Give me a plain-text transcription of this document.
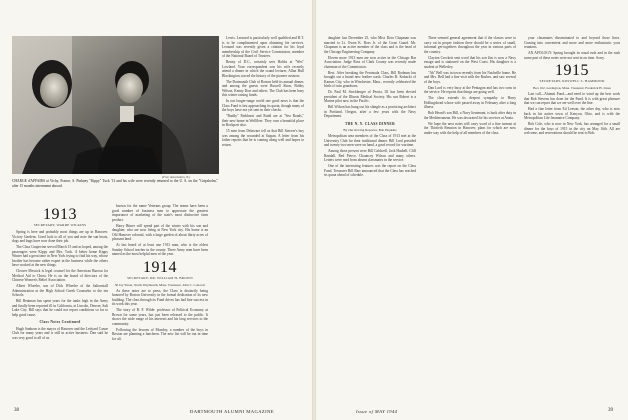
(Free Association, N.)
CHARGE d'AFFAIRS at Vichy, France, S. Pinkney "Kippy" Tuck '13 and his wife were recently returned to the U. S. on the "Gripsholm," after 15 months internment abroad.
1913
SECRETARY, WARDE WILKINS

Spring is here and probably most things are up in Hanover. Victory Gardens. Good luck to all of you and note the sun boats, dogs and bugs have now done their job.

The Class Grapevine served March 15 and as hoped, among the passengers were Kippy and Mrs. Tuck. A better home Kippy Winter had a great time in New York trying to find his way, whose brother has become rather expert in the business while the others have worked at the new things.

Cleaver Messick is legal counsel for the American Bureau for Medical Aid to China. He is on the board of directors of the Chinese Women's Relief Association.

Albert Wheeler, son of Dick Wheeler of the Saltonstall Administration at the High School Greek Counselor to the ten Schools.

Bill Beatman has spent years for the tanks high in the Army and finally been reported ill in California, at Lincoln, Denver, Salt Lake City. Bill says that he could not report conditions so far to help good cause.

Class Notes Continued

Hugh Sanborn is the mayor of Hanover and the Ledyard Canoe Club for many years and is still in active business. Dan said he was very good to all of us.

known for the name Veterans group. The teams have been a good number of business men to appreciate the greatest importance of marketing of the state's most distinctive farm product.

Harry Bitner will spend part of the winter with his son and daughter, who are now living at New York city. His home is an Old Hanover colonial, with a large garden of about thirty acres of pleasant land.

At last heard of at least one 1913 man, who is the oldest Sunday School teacher in the county. Three Army men have been named as the most helpful men of the year.

1914
SECRETARY, DR. WILLIAM H. BROWN
30 Jay Street, North Weymouth, Mass. Treasurer, John C. Conover

As these notes are to press, the Class is distinctly being honored by Boston University in the formal dedication of its new building. The class through its Fund drives has had fine success in its work this year.

The story of B. F. Wilde: professor of Political Economy at Brown for some years, has just been released to the public. It shows the wide range of his interests and his long services to the community.

Following the lessons of Monday, a number of the boys in Boston are planning a luncheon. The new list will be out in time for all.

Lewis. Leonard is particularly well qualified and B.T. is to be complimented upon obtaining his services. Leonard was recently given a citation for his loyal membership of the Civil Service Commission, member of the National Board of Trustees.

Benny of D.C., certainly sees Hobbs at "Wes" Lowland. Your correspondent saw his wife recently attend a dinner in which the sound lecturer, Allan Hull Blackington, traced the history of the pioneer aviators.

The Dartmouth Club of Boston held its annual dinner, and among the guests were Russell Shaw, Bobby Wilson, Kenny Dorr and others. The Club has been busy this winter raising funds.

In our longer-range world one good news is that the Class Fund is fast approaching its quota, though many of the boys have not yet sent in their checks.

"Buddy" Parkhurst and Rudd are at "Sea Roads," their new home in Wellfleet. They own a beautiful place in Rockport also.

15 men from Delaware tell us that Bill Steever's boy was among the wounded at Saipan. A letter from his father reports that he is coming along well and hopes to return.

38	DARTMOUTH ALUMNI MAGAZINE

daughter last December 25, who Miss Dora Chapman was married to Lt. Owen K. Ross Jr. of the Coast Guard. Mr. Chapman is an active member of the class and is the head of the Chicago Engineering Company.

Eleven more 1913 men are now active in the Chicago Bar Association. Judge Ross of Clark County was recently made chairman of the Commission.

Rest. After breaking the Peninsula Class, Bill Rodman has brought out a brand new leather wash. Charles R. Kubacki of Kansas City, who in Winchester, Mass., recently celebrated the birth of twin grandsons.

Dr. Paul M. Stockberger of Peoria, Ill. has been elected president of the Illinois Medical Society. His son Robert is a Marine pilot now in the Pacific.

Bill Wilson has hung out his shingle as a practicing architect in Portland, Oregon, after a few years with the Navy Department.

THE N. Y. CLASS DINNER
By Our Roving Reporter, Bob Hopkins

Metropolitan area members of the Class of 1913 met at the University Club for their traditional dinner. Bill Lord presided and twenty-two men were on hand, a good record for wartime.

Among those present were Bill Caldwell, Jack Haskell, Cliff Randall, Red Pierce, Chauncey Wilson and many others. Letters were read from absent classmates in the service.

One of the interesting features was the report on the Class Fund. Treasurer Bill Barr announced that the Class has reached its quota ahead of schedule.

There seemed general agreement that if the classes were to carry on in proper fashion there should be a series of small, informal get-togethers throughout the year in various parts of the country.

Clayton Crockett sent word that his son Jim is now a Navy ensign and is stationed on the West Coast. His daughter is a student at Wellesley.

"Ab" Bell was in town recently from his Nashville home. He and Mrs. Bell had a fine visit with the Rushes, and saw several of the boys.

Dan Lord is very busy at the Pentagon and has two sons in the service. He reports that things are going well.

The class extends its deepest sympathy to Harry Hollingshead whose wife passed away in February after a long illness.

Bob Heard's son Bill, a Navy lieutenant, is back after duty in the Mediterranean. He was decorated for his services at Anzio.

We hope the next notes will carry word of a fine turnout at the Thirtieth Reunion in Hanover, plans for which are now under way with the help of all members of the class.

your classmates disseminated to and beyond these lines. Coming into convenient and more and more enthusiastic your reunions.

AN APOLOGY: Spring brought its usual rush and in the rush some part of these notes were not sent in on time. Sorry.

1915
SECRETARY, ROSWELL S. HAMMOND
Box 102, Lexington, Mass. Treasurer, Frederick H. Jones

Last call—Alumni Fund—and need to wind up the best work that Bob Stevens has done for the Fund. It is with great pleasure that we can report that we are well over the line.

Had a fine letter from Ed Leeson, the other day, who is now back in his native town of Kenyon, Ohio, and is with the Metropolitan Life Insurance Company.

Bob Cole, who is now in New York, has arranged for a small dinner for the boys of 1915 in the city on May 16th. All are welcome, and reservations should be sent to Bob.

Issue of MAY 1944	39
